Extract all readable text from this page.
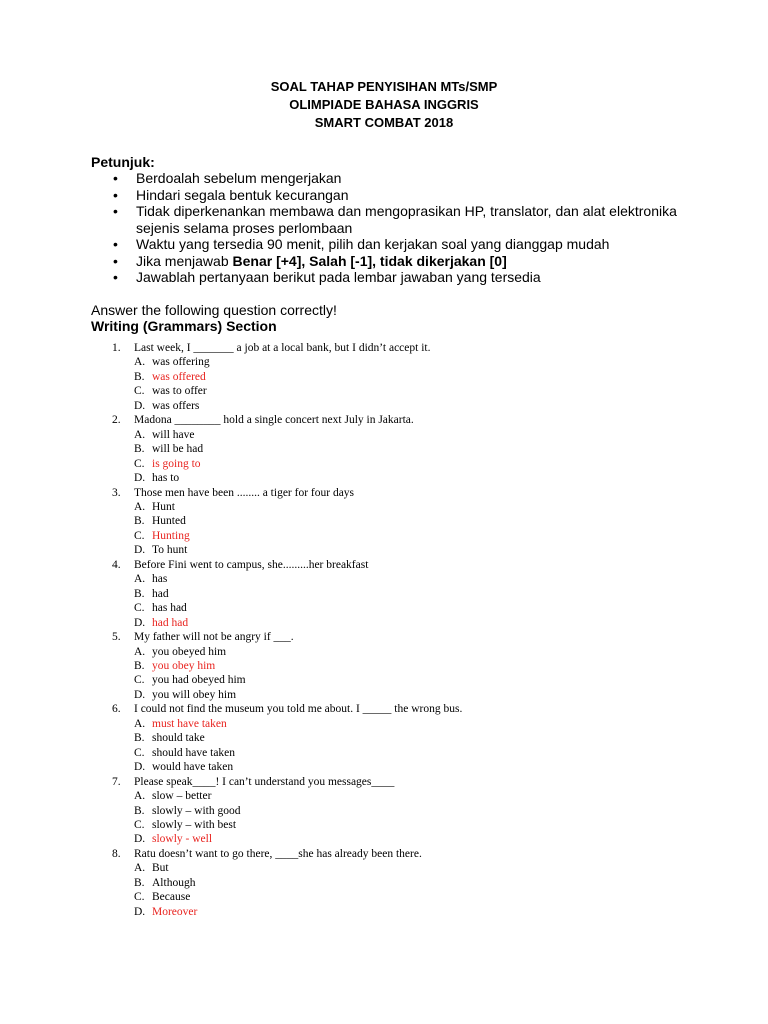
SOAL TAHAP PENYISIHAN MTs/SMP
OLIMPIADE BAHASA INGGRIS
SMART COMBAT 2018
Petunjuk:
• Berdoalah sebelum mengerjakan
• Hindari segala bentuk kecurangan
• Tidak diperkenankan membawa dan mengoprasikan HP, translator, dan alat elektronika sejenis selama proses perlombaan
• Waktu yang tersedia 90 menit, pilih dan kerjakan soal yang dianggap mudah
• Jika menjawab Benar [+4], Salah [-1], tidak dikerjakan [0]
• Jawablah pertanyaan berikut pada lembar jawaban yang tersedia
Answer the following question correctly!
Writing (Grammars) Section
1.	Last week, I _______ a job at a local bank, but I didn’t accept it.
A. was offering
B. was offered
C. was to offer
D. was offers
2.	Madona ________ hold a single concert next July in Jakarta.
A. will have
B. will be had
C. is going to
D. has to
3.	Those men have been ........ a tiger for four days
A. Hunt
B. Hunted
C. Hunting
D. To hunt
4.	Before Fini went to campus, she.........her breakfast
A. has
B. had
C. has had
D. had had
5.	My father will not be angry if ___.
A. you obeyed him
B. you obey him
C. you had obeyed him
D. you will obey him
6.	I could not find the museum you told me about. I _____ the wrong bus.
A. must have taken
B. should take
C. should have taken
D. would have taken
7.	Please speak____! I can’t understand you messages____
A. slow – better
B. slowly – with good
C. slowly – with best
D. slowly - well
8.	Ratu doesn’t want to go there, ____she has already been there.
A. But
B. Although
C. Because
D. Moreover
